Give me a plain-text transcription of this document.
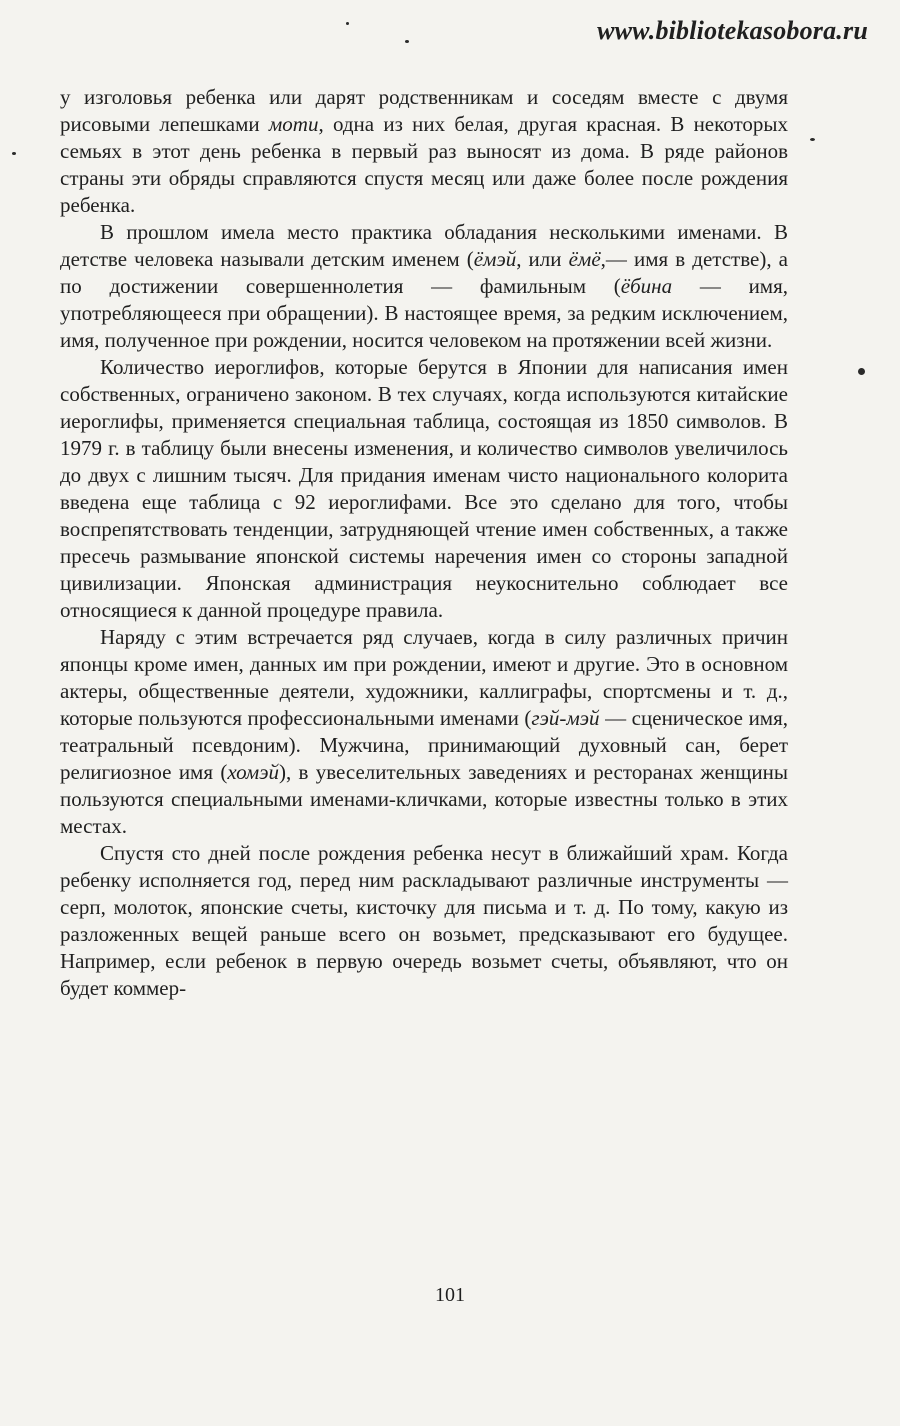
www.bibliotekasobora.ru

у изголовья ребенка или дарят родственникам и соседям вместе с двумя рисовыми лепешками моти, одна из них белая, другая красная. В некоторых семьях в этот день ребенка в первый раз выносят из дома. В ряде районов страны эти обряды справляются спустя месяц или даже более после рождения ребенка.

В прошлом имела место практика обладания несколькими именами. В детстве человека называли детским именем (ёмэй, или ёмё,— имя в детстве), а по достижении совершеннолетия — фамильным (ёбина — имя, употребляющееся при обращении). В настоящее время, за редким исключением, имя, полученное при рождении, носится человеком на протяжении всей жизни.

Количество иероглифов, которые берутся в Японии для написания имен собственных, ограничено законом. В тех случаях, когда используются китайские иероглифы, применяется специальная таблица, состоящая из 1850 символов. В 1979 г. в таблицу были внесены изменения, и количество символов увеличилось до двух с лишним тысяч. Для придания именам чисто национального колорита введена еще таблица с 92 иероглифами. Все это сделано для того, чтобы воспрепятствовать тенденции, затрудняющей чтение имен собственных, а также пресечь размывание японской системы наречения имен со стороны западной цивилизации. Японская администрация неукоснительно соблюдает все относящиеся к данной процедуре правила.

Наряду с этим встречается ряд случаев, когда в силу различных причин японцы кроме имен, данных им при рождении, имеют и другие. Это в основном актеры, общественные деятели, художники, каллиграфы, спортсмены и т. д., которые пользуются профессиональными именами (гэй-мэй — сценическое имя, театральный псевдоним). Мужчина, принимающий духовный сан, берет религиозное имя (хомэй), в увеселительных заведениях и ресторанах женщины пользуются специальными именами-кличками, которые известны только в этих местах.

Спустя сто дней после рождения ребенка несут в ближайший храм. Когда ребенку исполняется год, перед ним раскладывают различные инструменты — серп, молоток, японские счеты, кисточку для письма и т. д. По тому, какую из разложенных вещей раньше всего он возьмет, предсказывают его будущее. Например, если ребенок в первую очередь возьмет счеты, объявляют, что он будет коммер-

101
